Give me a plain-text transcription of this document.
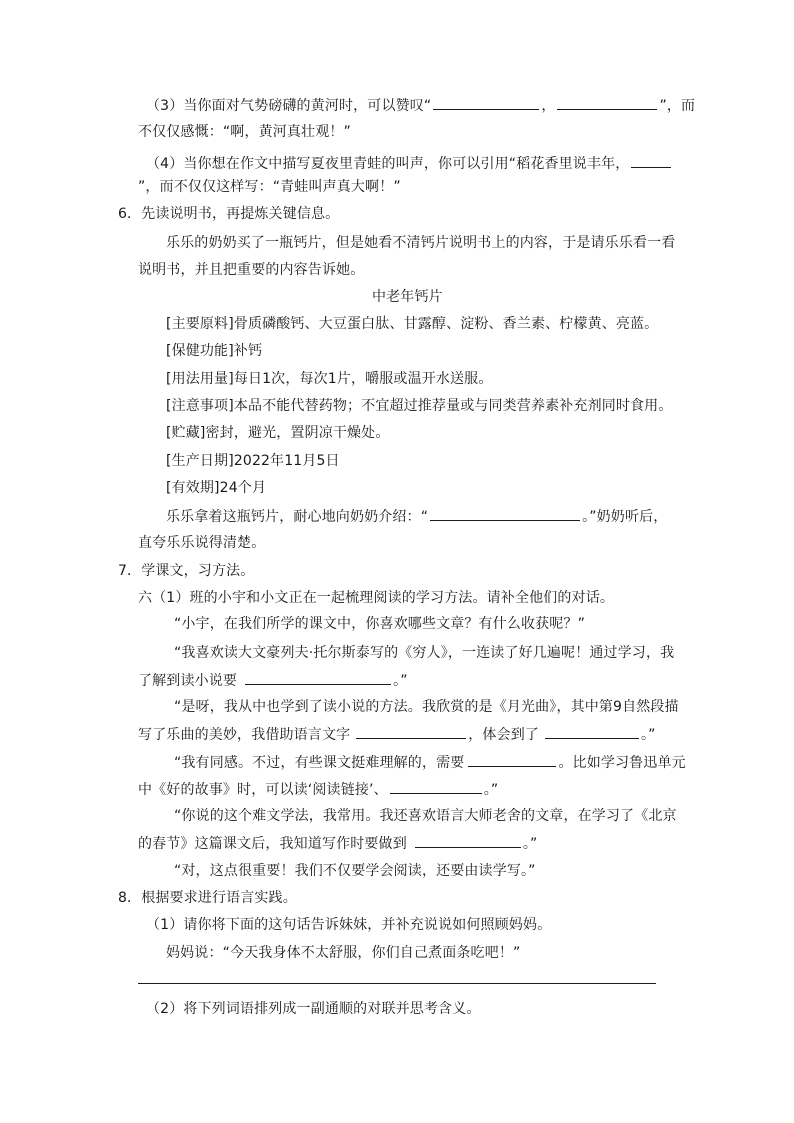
（3）当你面对气势磅礴的黄河时，可以赞叹“	，	”，而
不仅仅感慨：“啊，黄河真壮观！”
（4）当你想在作文中描写夏夜里青蛙的叫声，你可以引用“稻花香里说丰年，
”，而不仅仅这样写：“青蛙叫声真大啊！”
6．先读说明书，再提炼关键信息。
乐乐的奶奶买了一瓶钙片，但是她看不清钙片说明书上的内容，于是请乐乐看一看
说明书，并且把重要的内容告诉她。
中老年钙片
[主要原料]骨质磷酸钙、大豆蛋白肽、甘露醇、淀粉、香兰素、柠檬黄、亮蓝。
[保健功能]补钙
[用法用量]每日1次，每次1片，嚼服或温开水送服。
[注意事项]本品不能代替药物；不宜超过推荐量或与同类营养素补充剂同时食用。
[贮藏]密封，避光，置阴凉干燥处。
[生产日期]2022年11月5日
[有效期]24个月
乐乐拿着这瓶钙片，耐心地向奶奶介绍：“	。”奶奶听后，
直夸乐乐说得清楚。
7．学课文，习方法。
六（1）班的小宇和小文正在一起梳理阅读的学习方法。请补全他们的对话。
“小宇，在我们所学的课文中，你喜欢哪些文章？有什么收获呢？”
“我喜欢读大文豪列夫·托尔斯泰写的《穷人》，一连读了好几遍呢！通过学习，我
了解到读小说要	。”
“是呀，我从中也学到了读小说的方法。我欣赏的是《月光曲》，其中第9自然段描
写了乐曲的美妙，我借助语言文字	，体会到了	。”
“我有同感。不过，有些课文挺难理解的，需要	。比如学习鲁迅单元
中《好的故事》时，可以读‘阅读链接’、	。”
“你说的这个难文学法，我常用。我还喜欢语言大师老舍的文章，在学习了《北京
的春节》这篇课文后，我知道写作时要做到	。”
“对，这点很重要！我们不仅要学会阅读，还要由读学写。”
8．根据要求进行语言实践。
（1）请你将下面的这句话告诉妹妹，并补充说说如何照顾妈妈。
妈妈说：“今天我身体不太舒服，你们自己煮面条吃吧！”
（2）将下列词语排列成一副通顺的对联并思考含义。
